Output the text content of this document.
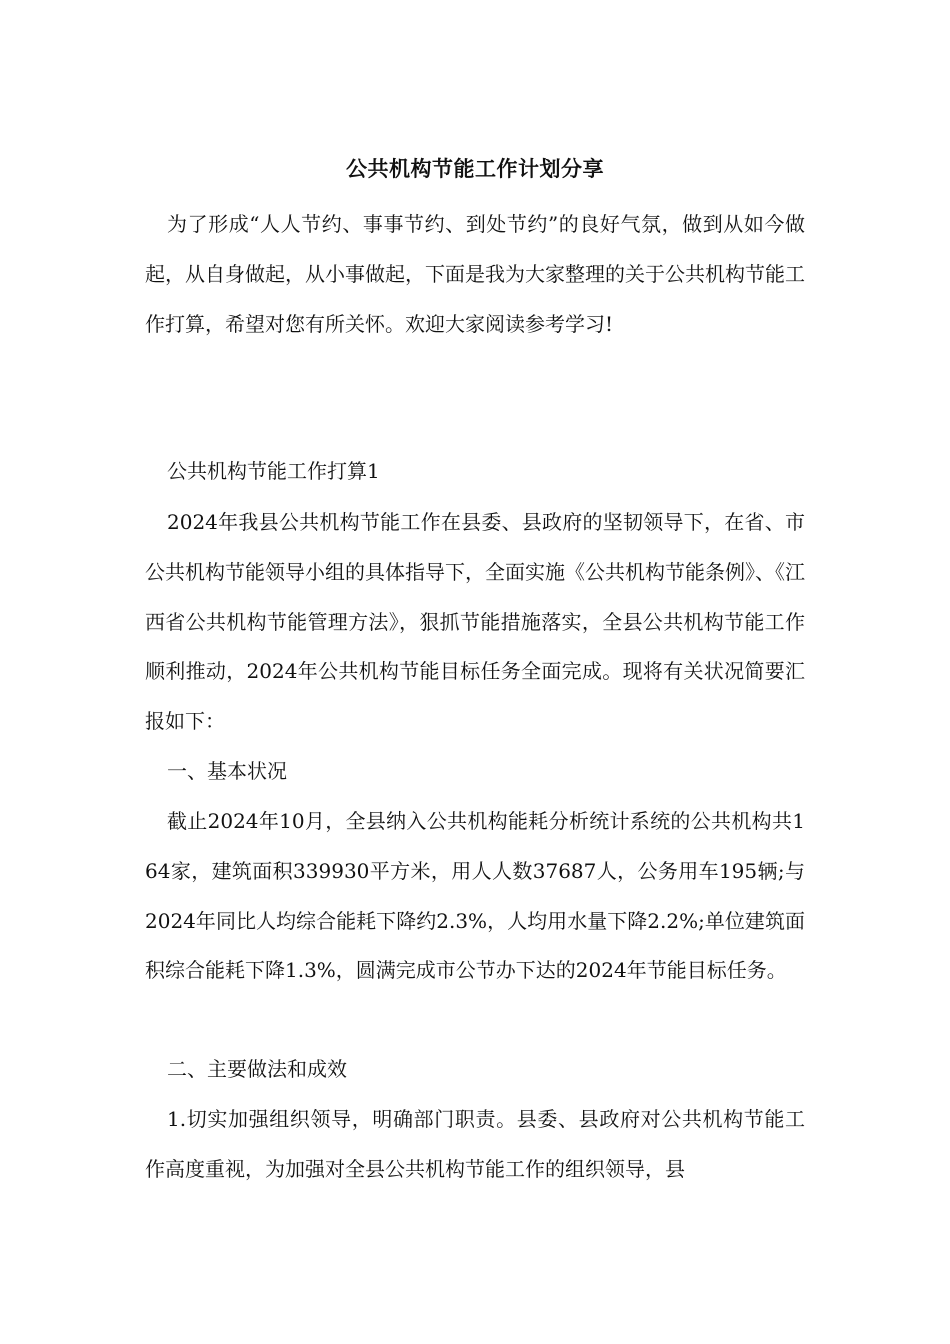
公共机构节能工作计划分享

为了形成“人人节约、事事节约、到处节约”的良好气氛，做到从如今做起，从自身做起，从小事做起，下面是我为大家整理的关于公共机构节能工作打算，希望对您有所关怀。欢迎大家阅读参考学习!

公共机构节能工作打算1

2024年我县公共机构节能工作在县委、县政府的坚韧领导下，在省、市公共机构节能领导小组的具体指导下，全面实施《公共机构节能条例》、《江西省公共机构节能管理方法》，狠抓节能措施落实，全县公共机构节能工作顺利推动，2024年公共机构节能目标任务全面完成。现将有关状况简要汇报如下：

一、基本状况

截止2024年10月，全县纳入公共机构能耗分析统计系统的公共机构共164家，建筑面积339930平方米，用人人数37687人，公务用车195辆;与2024年同比人均综合能耗下降约2.3%，人均用水量下降2.2%;单位建筑面积综合能耗下降1.3%，圆满完成市公节办下达的2024年节能目标任务。

二、主要做法和成效

1.切实加强组织领导，明确部门职责。县委、县政府对公共机构节能工作高度重视，为加强对全县公共机构节能工作的组织领导，县
